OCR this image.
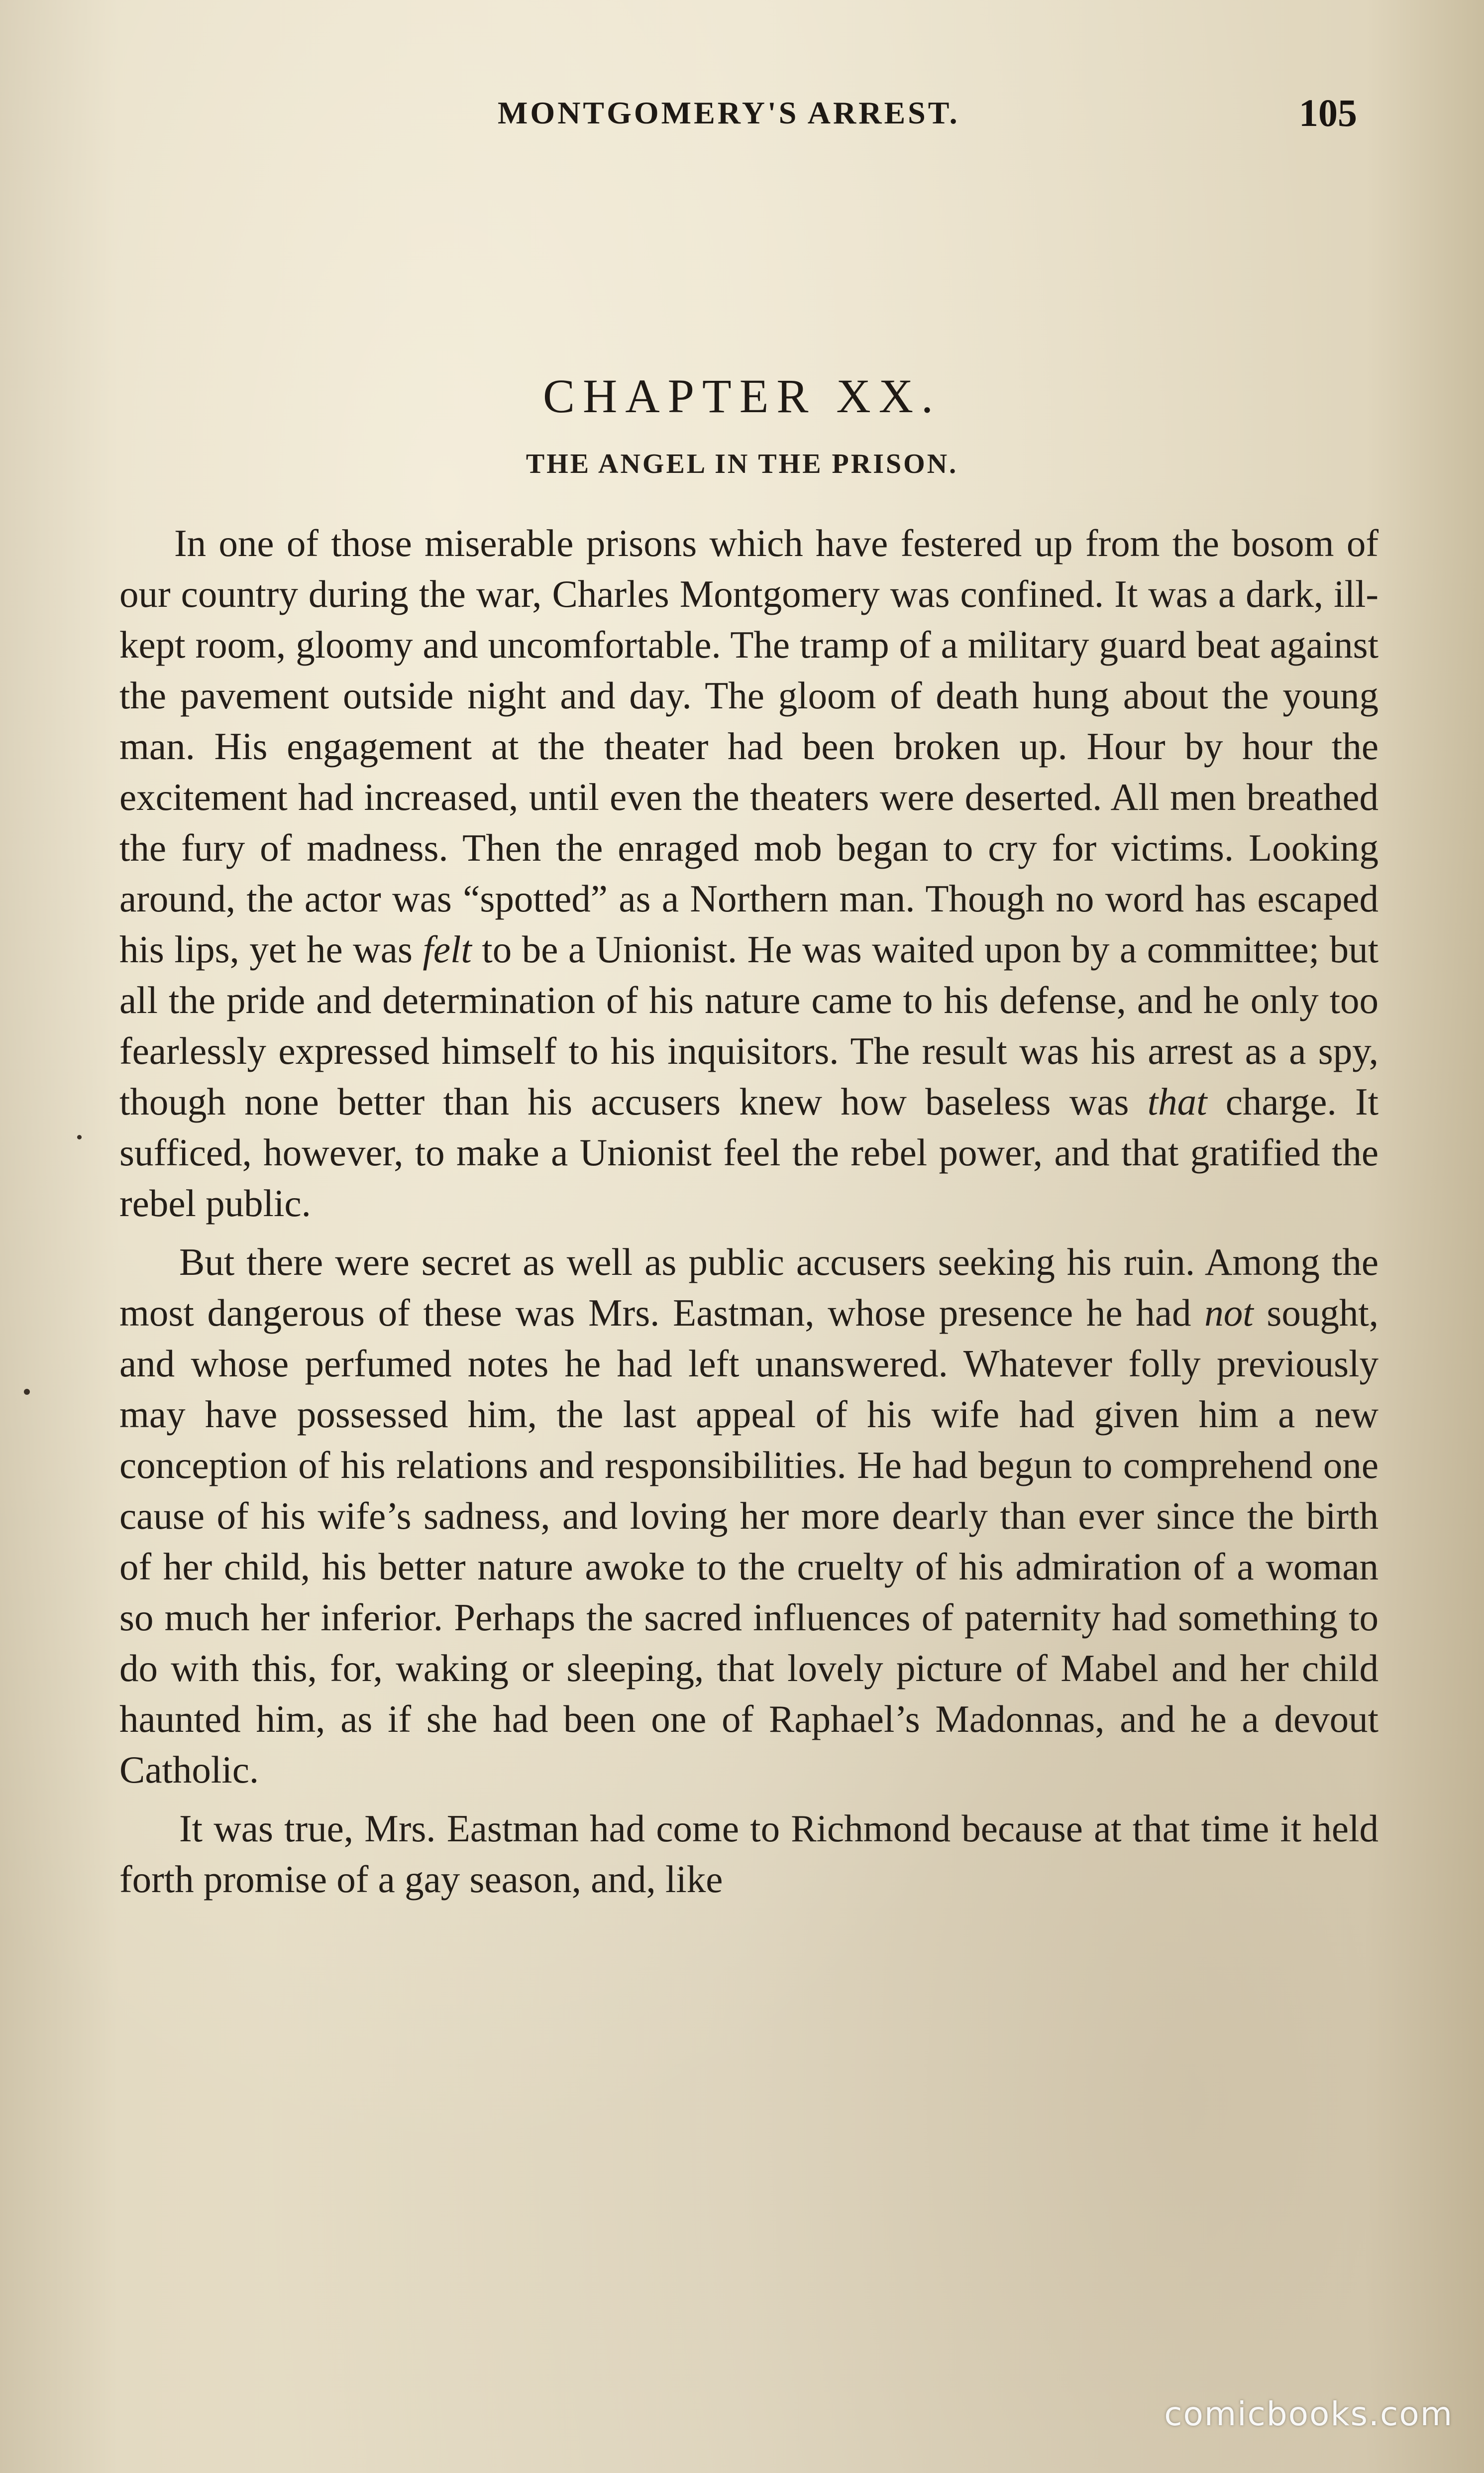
MONTGOMERY'S ARREST.	105
CHAPTER XX.
THE ANGEL IN THE PRISON.

In one of those miserable prisons which have festered up from the bosom of our country during the war, Charles Montgomery was confined. It was a dark, ill-kept room, gloomy and uncomfortable. The tramp of a military guard beat against the pavement outside night and day. The gloom of death hung about the young man. His engagement at the theater had been broken up. Hour by hour the excitement had increased, until even the theaters were deserted. All men breathed the fury of madness. Then the enraged mob began to cry for victims. Looking around, the actor was “spotted” as a Northern man. Though no word has escaped his lips, yet he was felt to be a Unionist. He was waited upon by a committee; but all the pride and determination of his nature came to his defense, and he only too fearlessly expressed himself to his inquisitors. The result was his arrest as a spy, though none better than his accusers knew how baseless was that charge. It sufficed, however, to make a Unionist feel the rebel power, and that gratified the rebel public.

But there were secret as well as public accusers seeking his ruin. Among the most dangerous of these was Mrs. Eastman, whose presence he had not sought, and whose perfumed notes he had left unanswered. Whatever folly previously may have possessed him, the last appeal of his wife had given him a new conception of his relations and responsibilities. He had begun to comprehend one cause of his wife’s sadness, and loving her more dearly than ever since the birth of her child, his better nature awoke to the cruelty of his admiration of a woman so much her inferior. Perhaps the sacred influences of paternity had something to do with this, for, waking or sleeping, that lovely picture of Mabel and her child haunted him, as if she had been one of Raphael’s Madonnas, and he a devout Catholic.

It was true, Mrs. Eastman had come to Richmond because at that time it held forth promise of a gay season, and, like

comicbooks.com
